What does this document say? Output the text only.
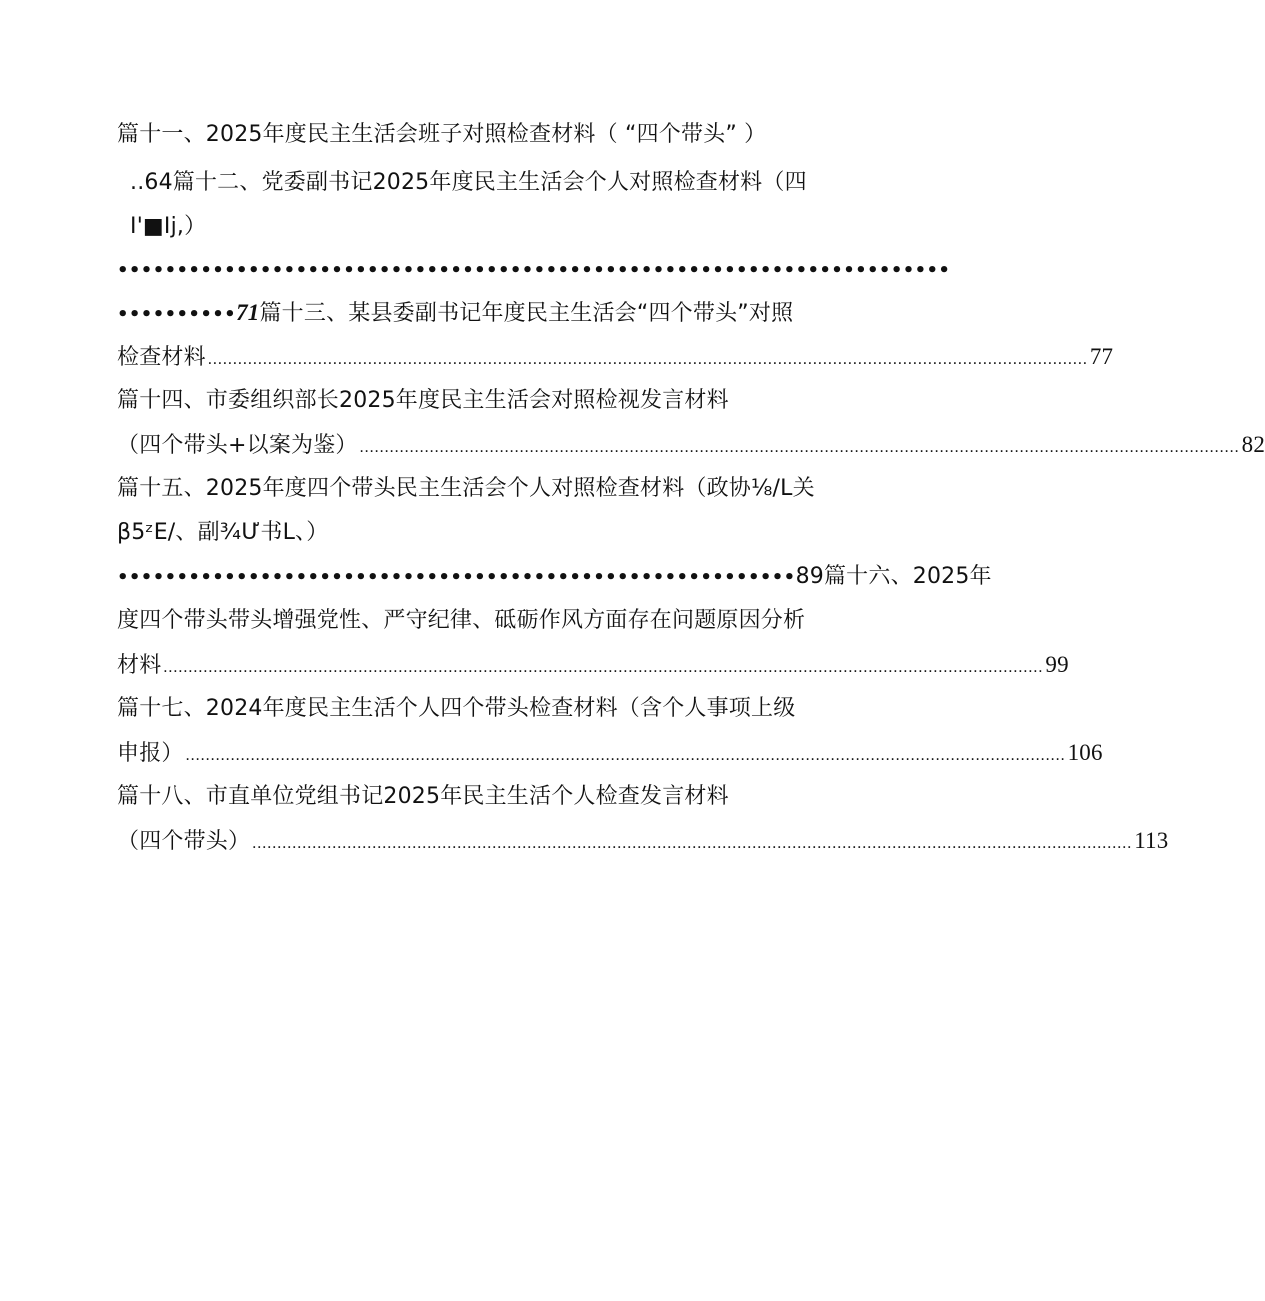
篇十一、2025年度民主生活会班子对照检查材料（ “四个带头” ）
..64篇十二、党委副书记2025年度民主生活会个人对照检查材料（四
I'■Ij,）
••••••••••••••••••••••••••••••••••••••••••••••••••••••••••••••••••••••
••••••••••71篇十三、某县委副书记年度民主生活会“四个带头”对照
检查材料 ................................................................................................................................................................................ 77
篇十四、市委组织部长2025年度民主生活会对照检视发言材料
（四个带头+以案为鉴） ................................................................................................................................................................................ 82
篇十五、2025年度四个带头民主生活会个人对照检查材料（政协⅛/L关
β5ᶻE/、副¾Ư书L、）
•••••••••••••••••••••••••••••••••••••••••••••••••••••••••89篇十六、2025年
度四个带头带头增强党性、严守纪律、砥砺作风方面存在问题原因分析
材料 ................................................................................................................................................................................ 99
篇十七、2024年度民主生活个人四个带头检查材料（含个人事项上级
申报） ................................................................................................................................................................................ 106
篇十八、市直单位党组书记2025年民主生活个人检查发言材料
（四个带头） ................................................................................................................................................................................ 113
